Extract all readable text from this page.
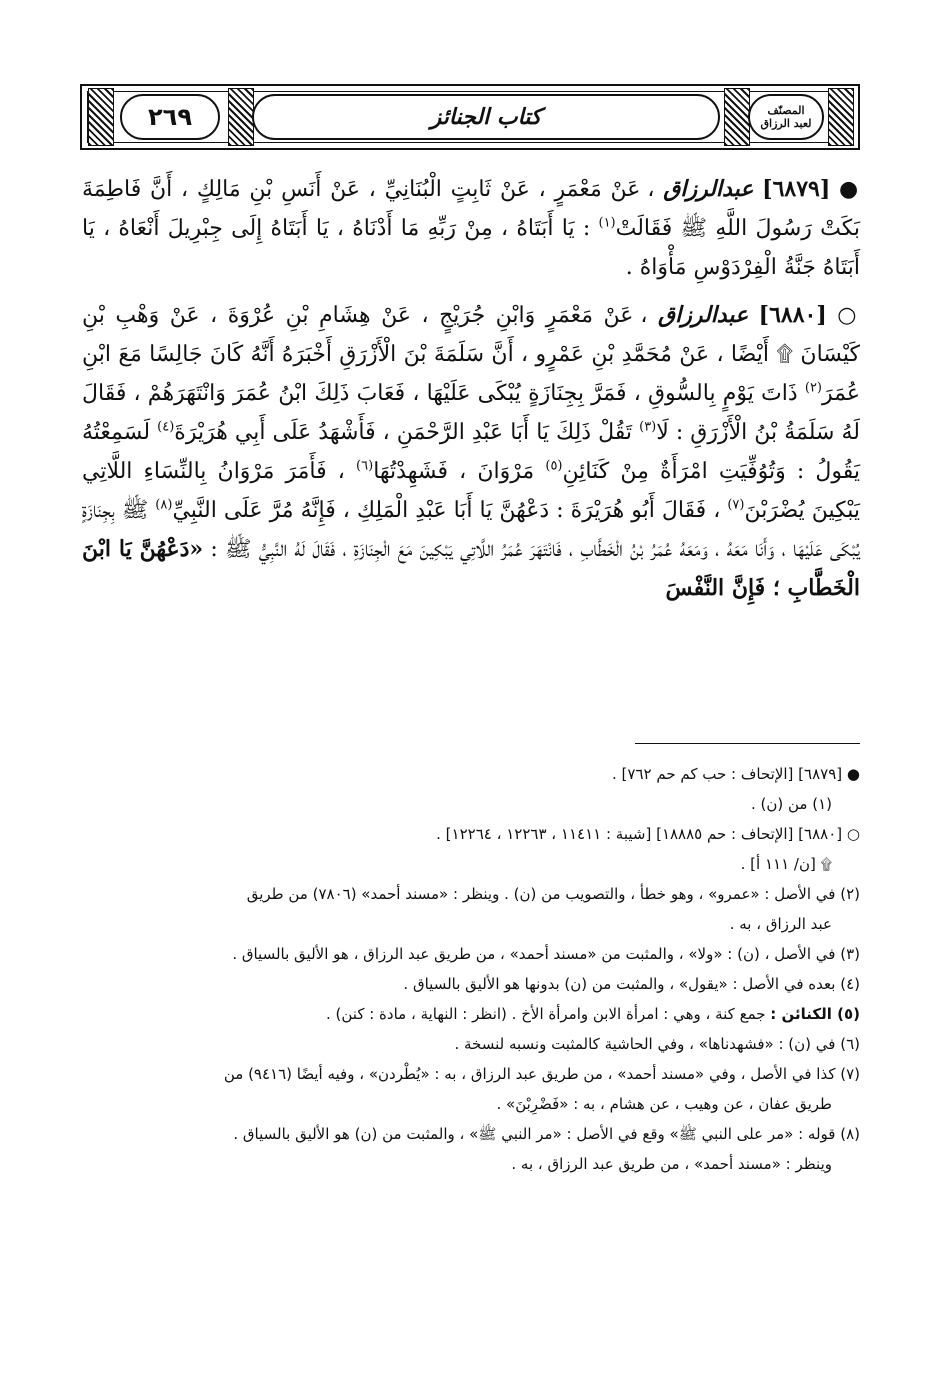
٢٦٩	كتاب الجنائز	المصنّف
لعبد الرزاق

● [٦٨٧٩] عبدالرزاق ، عَنْ مَعْمَرٍ ، عَنْ ثَابِتٍ الْبُنَانِيِّ ، عَنْ أَنَسِ بْنِ مَالِكٍ ، أَنَّ فَاطِمَةَ بَكَتْ رَسُولَ اللَّهِ ﷺ فَقَالَتْ$^{(١)}$ : يَا أَبَتَاهُ ، مِنْ رَبِّهِ مَا أَدْنَاهُ ، يَا أَبَتَاهُ إِلَى جِبْرِيلَ أَنْعَاهُ ، يَا أَبَتَاهُ جَنَّةُ الْفِرْدَوْسِ مَأْوَاهُ .

○ [٦٨٨٠] عبدالرزاق ، عَنْ مَعْمَرٍ وَابْنِ جُرَيْجٍ ، عَنْ هِشَامِ بْنِ عُرْوَةَ ، عَنْ وَهْبِ بْنِ كَيْسَانَ ۩ أَيْضًا ، عَنْ مُحَمَّدِ بْنِ عَمْرٍو ، أَنَّ سَلَمَةَ بْنَ الْأَزْرَقِ أَخْبَرَهُ أَنَّهُ كَانَ جَالِسًا مَعَ ابْنِ عُمَرَ$^{(٢)}$ ذَاتَ يَوْمٍ بِالسُّوقِ ، فَمَرَّ بِجِنَازَةٍ يُبْكَى عَلَيْهَا ، فَعَابَ ذَلِكَ ابْنُ عُمَرَ وَانْتَهَرَهُمْ ، فَقَالَ لَهُ سَلَمَةُ بْنُ الْأَزْرَقِ : لَا$^{(٣)}$ تَقُلْ ذَلِكَ يَا أَبَا عَبْدِ الرَّحْمَنِ ، فَأَشْهَدُ عَلَى أَبِي هُرَيْرَةَ$^{(٤)}$ لَسَمِعْتُهُ يَقُولُ : وَتُوُفِّيَتِ امْرَأَةٌ مِنْ كَنَائِنِ$^{(٥)}$ مَرْوَانَ ، فَشَهِدْتُهَا$^{(٦)}$ ، فَأَمَرَ مَرْوَانُ بِالنِّسَاءِ اللَّاتِي يَبْكِينَ يُضْرَبْنَ$^{(٧)}$ ، فَقَالَ أَبُو هُرَيْرَةَ : دَعْهُنَّ يَا أَبَا عَبْدِ الْمَلِكِ ، فَإِنَّهُ مُرَّ عَلَى النَّبِيِّ$^{(٨)}$ ﷺ بِجِنَازَةٍ يُبْكَى عَلَيْهَا ، وَأَنَا مَعَهُ ، وَمَعَهُ عُمَرُ بْنُ الْخَطَّابِ ، فَانْتَهَرَ عُمَرُ اللَّاتِي يَبْكِينَ مَعَ الْجِنَازَةِ ، فَقَالَ لَهُ النَّبِيُّ ﷺ : «دَعْهُنَّ يَا ابْنَ الْخَطَّابِ ؛ فَإِنَّ النَّفْسَ

● [٦٨٧٩] [الإتحاف : حب كم حم ٧٦٢] .
(١) من (ن) .
○ [٦٨٨٠] [الإتحاف : حم ١٨٨٨٥] [شيبة : ١١٤١١ ، ١٢٢٦٣ ، ١٢٢٦٤] .
۩ [ن/ ١١١ أ] .
(٢) في الأصل : «عمرو» ، وهو خطأ ، والتصويب من (ن) . وينظر : «مسند أحمد» (٧٨٠٦) من طريق
عبد الرزاق ، به .
(٣) في الأصل ، (ن) : «ولا» ، والمثبت من «مسند أحمد» ، من طريق عبد الرزاق ، هو الأليق بالسياق .
(٤) بعده في الأصل : «يقول» ، والمثبت من (ن) بدونها هو الأليق بالسياق .
(٥) الكنائن : جمع كنة ، وهي : امرأة الابن وامرأة الأخ . (انظر : النهاية ، مادة : كنن) .
(٦) في (ن) : «فشهدناها» ، وفي الحاشية كالمثبت ونسبه لنسخة .
(٧) كذا في الأصل ، وفي «مسند أحمد» ، من طريق عبد الرزاق ، به : «يُطْردن» ، وفيه أيضًا (٩٤١٦) من
طريق عفان ، عن وهيب ، عن هشام ، به : «فَضْرِبْنَ» .
(٨) قوله : «مر على النبي ﷺ» وقع في الأصل : «مر النبي ﷺ» ، والمثبت من (ن) هو الأليق بالسياق .
وينظر : «مسند أحمد» ، من طريق عبد الرزاق ، به .
